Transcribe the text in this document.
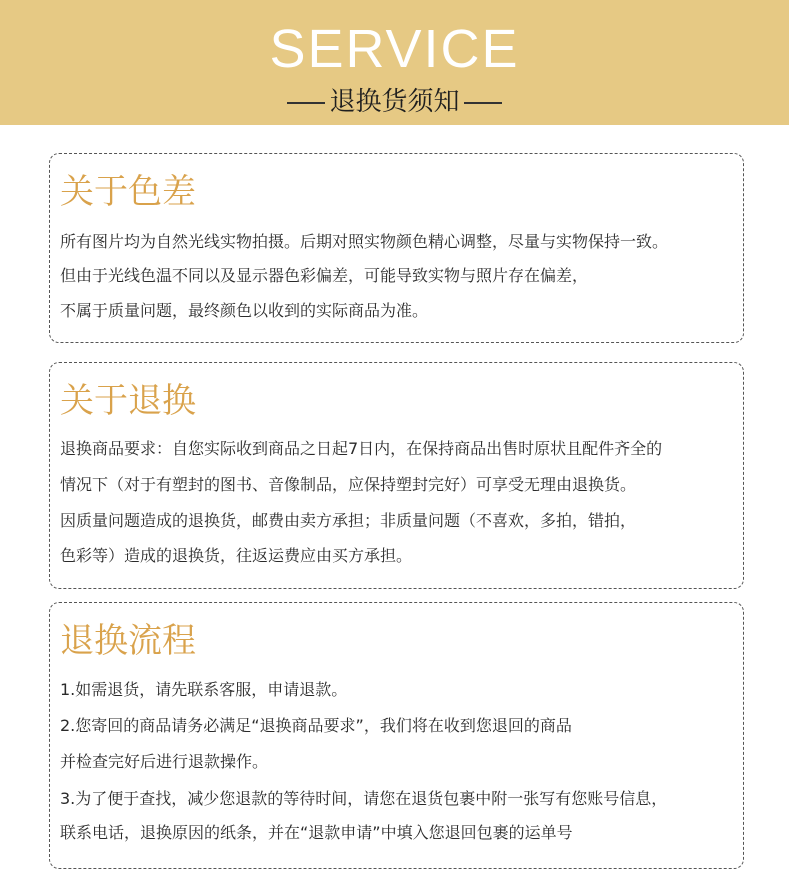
SERVICE
退换货须知
关于色差
所有图片均为自然光线实物拍摄。后期对照实物颜色精心调整，尽量与实物保持一致。
但由于光线色温不同以及显示器色彩偏差，可能导致实物与照片存在偏差，
不属于质量问题，最终颜色以收到的实际商品为准。
关于退换
退换商品要求：自您实际收到商品之日起7日内，在保持商品出售时原状且配件齐全的
情况下（对于有塑封的图书、音像制品，应保持塑封完好）可享受无理由退换货。
因质量问题造成的退换货，邮费由卖方承担；非质量问题（不喜欢，多拍，错拍，
色彩等）造成的退换货，往返运费应由买方承担。
退换流程
1.如需退货，请先联系客服，申请退款。
2.您寄回的商品请务必满足“退换商品要求”，我们将在收到您退回的商品
并检查完好后进行退款操作。
3.为了便于查找，减少您退款的等待时间，请您在退货包裹中附一张写有您账号信息，
联系电话，退换原因的纸条，并在“退款申请”中填入您退回包裹的运单号
